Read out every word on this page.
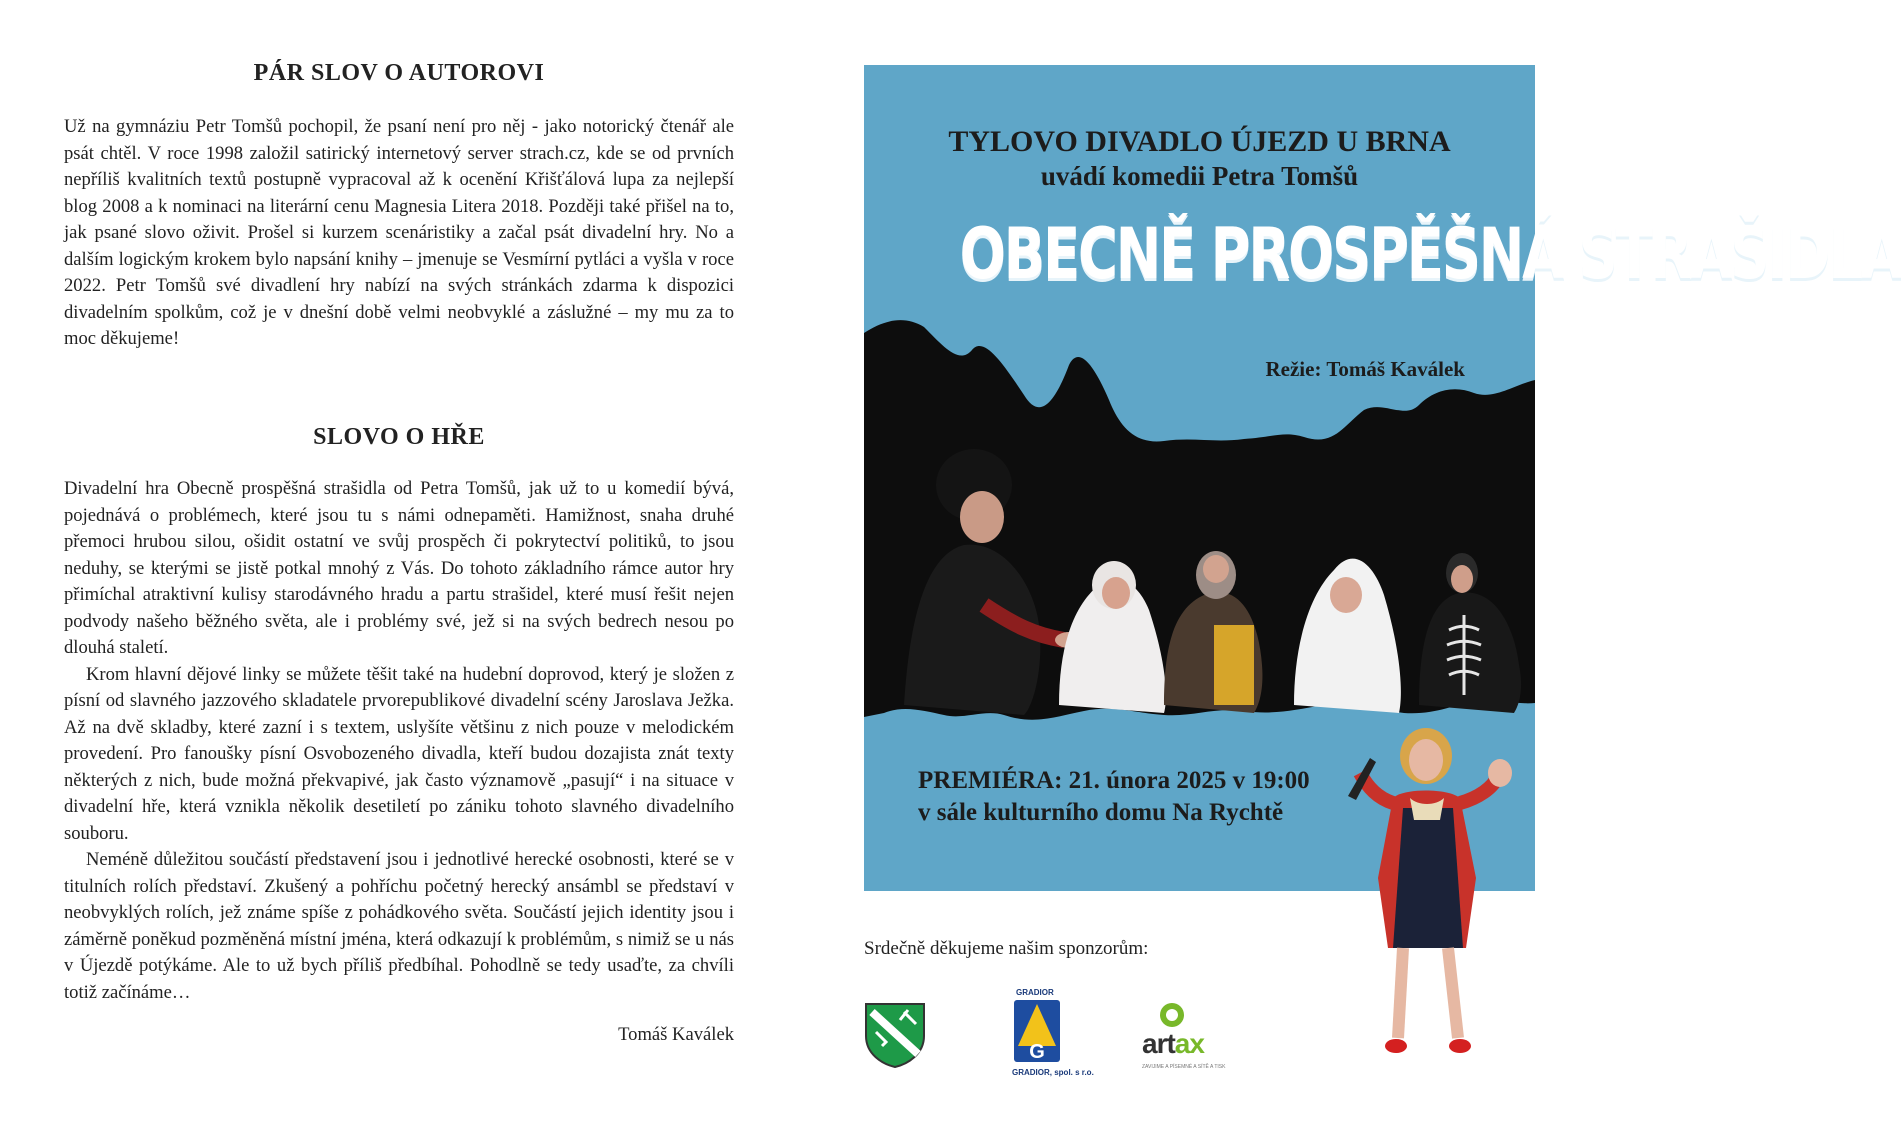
PÁR SLOV O AUTOROVI

Už na gymnáziu Petr Tomšů pochopil, že psaní není pro něj - jako notorický čtenář ale psát chtěl. V roce 1998 založil satirický internetový server strach.cz, kde se od prvních nepříliš kvalitních textů postupně vypracoval až k ocenění Křišťálová lupa za nejlepší blog 2008 a k nominaci na literární cenu Magnesia Litera 2018. Později také přišel na to, jak psané slovo oživit. Prošel si kurzem scenáristiky a začal psát divadelní hry. No a dalším logickým krokem bylo napsání knihy – jmenuje se Vesmírní pytláci a vyšla v roce 2022. Petr Tomšů své divadlení hry nabízí na svých stránkách zdarma k dispozici divadelním spolkům, což je v dnešní době velmi neobvyklé a záslužné – my mu za to moc děkujeme!

SLOVO O HŘE

Divadelní hra Obecně prospěšná strašidla od Petra Tomšů, jak už to u komedií bývá, pojednává o problémech, které jsou tu s námi odnepaměti. Hamižnost, snaha druhé přemoci hrubou silou, ošidit ostatní ve svůj prospěch či pokrytectví politiků, to jsou neduhy, se kterými se jistě potkal mnohý z Vás. Do tohoto základního rámce autor hry přimíchal atraktivní kulisy starodávného hradu a partu strašidel, které musí řešit nejen podvody našeho běžného světa, ale i problémy své, jež si na svých bedrech nesou po dlouhá staletí.

Krom hlavní dějové linky se můžete těšit také na hudební doprovod, který je složen z písní od slavného jazzového skladatele prvorepublikové divadelní scény Jaroslava Ježka. Až na dvě skladby, které zazní i s textem, uslyšíte většinu z nich pouze v melodickém provedení. Pro fanoušky písní Osvobozeného divadla, kteří budou dozajista znát texty některých z nich, bude možná překvapivé, jak často významově „pasují“ i na situace v divadelní hře, která vznikla několik desetiletí po zániku tohoto slavného divadelního souboru.

Neméně důležitou součástí představení jsou i jednotlivé herecké osobnosti, které se v titulních rolích představí. Zkušený a pohříchu početný herecký ansámbl se představí v neobvyklých rolích, jež známe spíše z pohádkového světa. Součástí jejich identity jsou i záměrně poněkud pozměněná místní jména, která odkazují k problémům, s nimiž se u nás v Újezdě potýkáme. Ale to už bych příliš předbíhal. Pohodlně se tedy usaďte, za chvíli totiž začínáme…

Tomáš Kaválek
TYLOVO DIVADLO ÚJEZD U BRNA
uvádí komedii Petra Tomšů
OBECNĚ PROSPĚŠNÁ STRAŠIDLA
Režie: Tomáš Kaválek
PREMIÉRA: 21. února 2025 v 19:00
v sále kulturního domu Na Rychtě
Srdečně děkujeme našim sponzorům:
GRADIOR
G
GRADIOR, spol. s r.o.
artax
ZAVIJIME A PÍSEMNÉ A SÍTĚ A TISK
